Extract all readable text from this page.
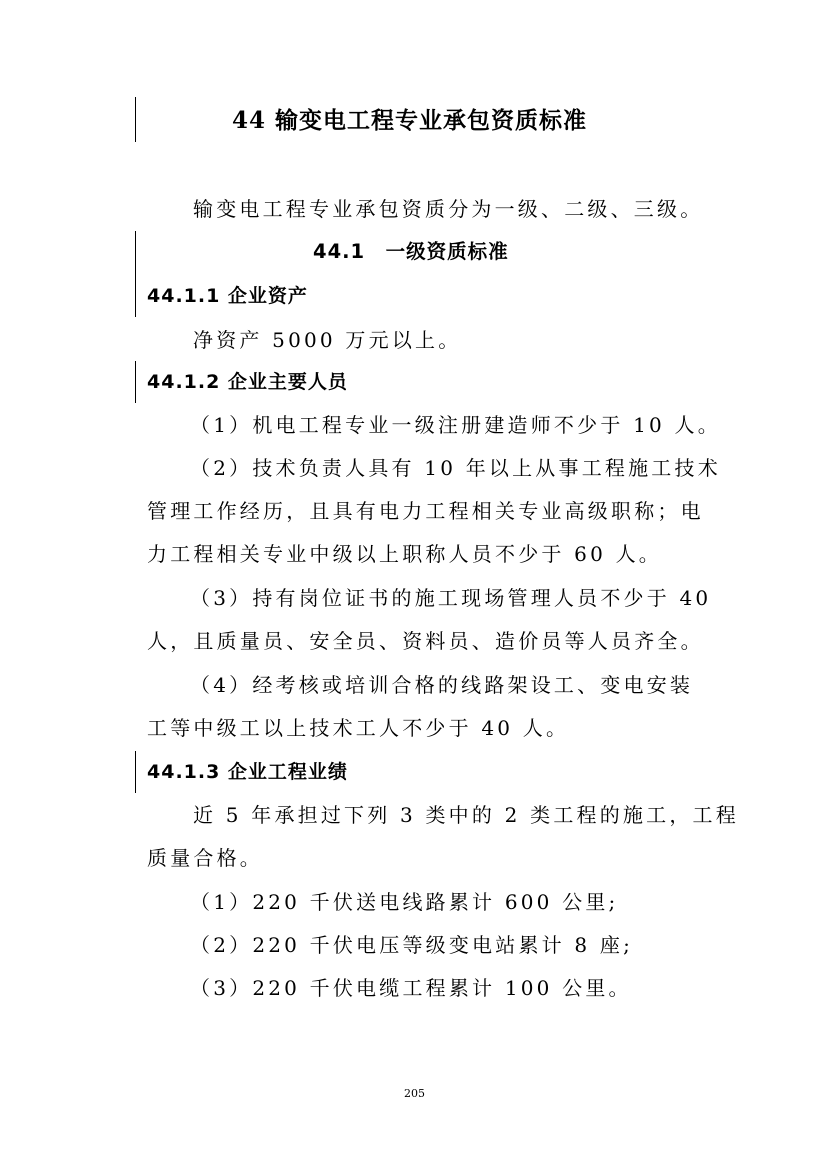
44 输变电工程专业承包资质标准

输变电工程专业承包资质分为一级、二级、三级。

44.1　一级资质标准
44.1.1 企业资产

净资产 5000 万元以上。

44.1.2 企业主要人员

（1）机电工程专业一级注册建造师不少于 10 人。

（2）技术负责人具有 10 年以上从事工程施工技术

管理工作经历，且具有电力工程相关专业高级职称；电

力工程相关专业中级以上职称人员不少于 60 人。

（3）持有岗位证书的施工现场管理人员不少于 40

人，且质量员、安全员、资料员、造价员等人员齐全。

（4）经考核或培训合格的线路架设工、变电安装

工等中级工以上技术工人不少于 40 人。

44.1.3 企业工程业绩

近 5 年承担过下列 3 类中的 2 类工程的施工，工程

质量合格。

（1）220 千伏送电线路累计 600 公里;

（2）220 千伏电压等级变电站累计 8 座;

（3）220 千伏电缆工程累计 100 公里。

205
